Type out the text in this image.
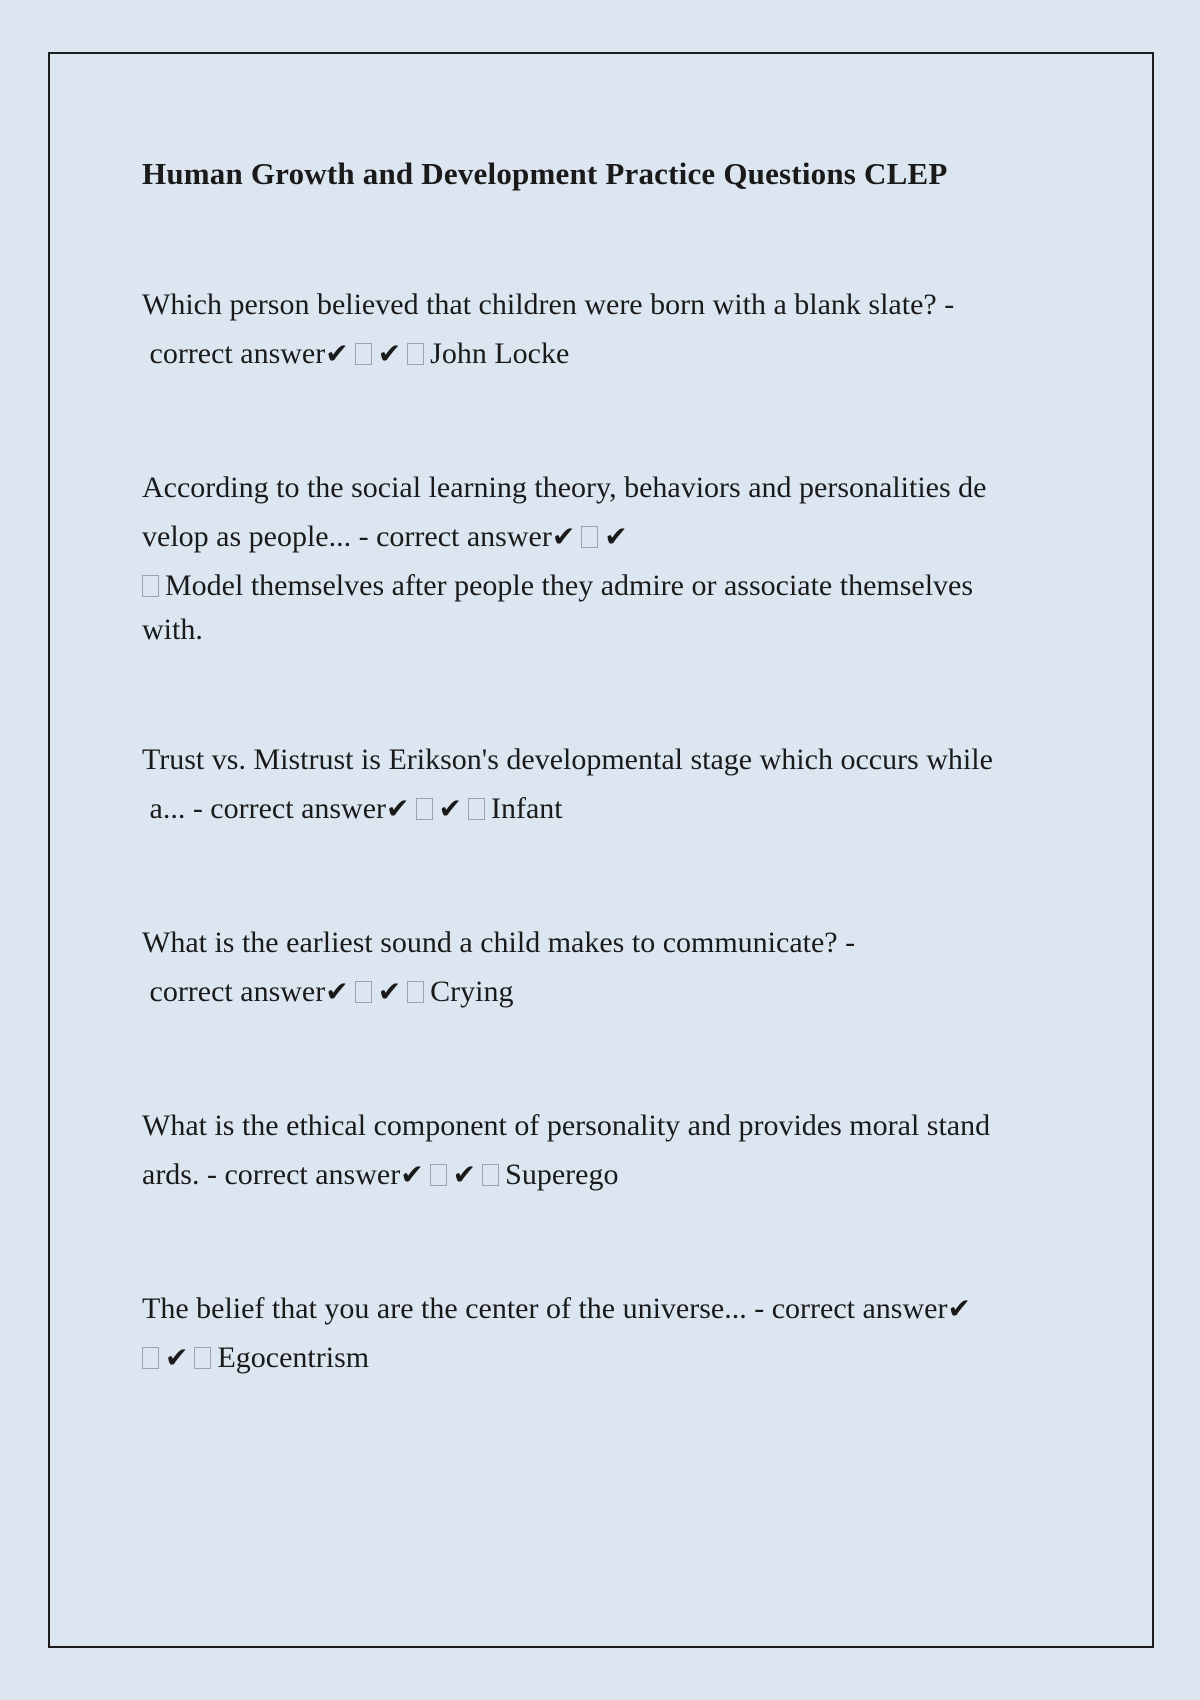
Human Growth and Development Practice Questions CLEP
Which person believed that children were born with a blank slate? -
correct answer✔ ✔ John Locke
According to the social learning theory, behaviors and personalities de
velop as people... - correct answer✔ ✔
Model themselves after people they admire or associate themselves
with.
Trust vs. Mistrust is Erikson's developmental stage which occurs while
a... - correct answer✔ ✔ Infant
What is the earliest sound a child makes to communicate? -
correct answer✔ ✔ Crying
What is the ethical component of personality and provides moral stand
ards. - correct answer✔ ✔ Superego
The belief that you are the center of the universe... - correct answer✔
✔ Egocentrism
